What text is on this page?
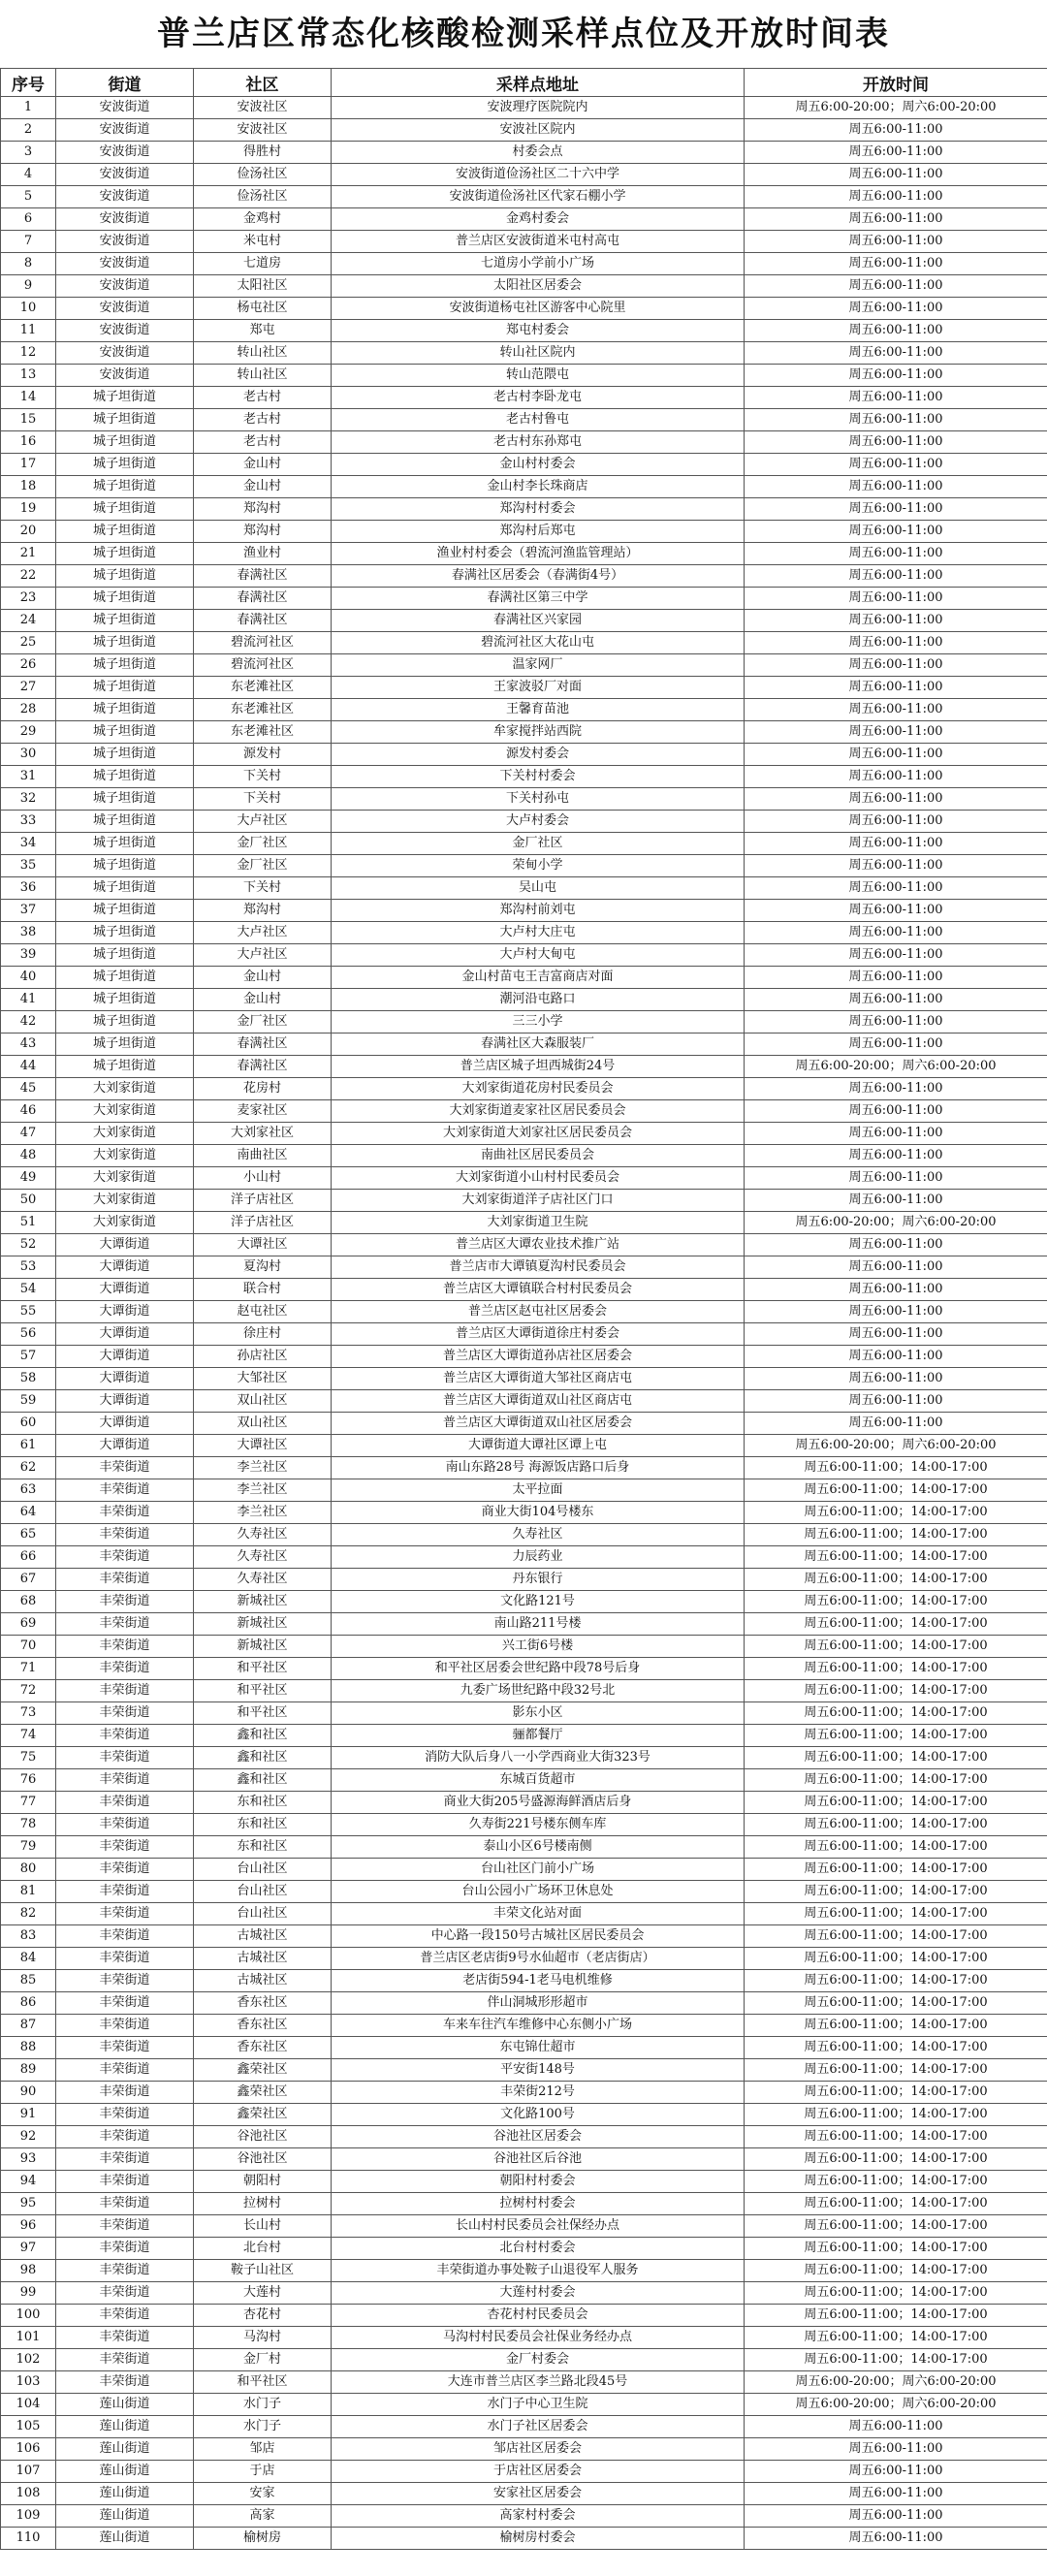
普兰店区常态化核酸检测采样点位及开放时间表
序号	街道	社区	采样点地址	开放时间
1	安波街道	安波社区	安波理疗医院院内	周五6:00-20:00；周六6:00-20:00
2	安波街道	安波社区	安波社区院内	周五6:00-11:00
3	安波街道	得胜村	村委会点	周五6:00-11:00
4	安波街道	俭汤社区	安波街道俭汤社区二十六中学	周五6:00-11:00
5	安波街道	俭汤社区	安波街道俭汤社区代家石棚小学	周五6:00-11:00
6	安波街道	金鸡村	金鸡村委会	周五6:00-11:00
7	安波街道	米屯村	普兰店区安波街道米屯村高屯	周五6:00-11:00
8	安波街道	七道房	七道房小学前小广场	周五6:00-11:00
9	安波街道	太阳社区	太阳社区居委会	周五6:00-11:00
10	安波街道	杨屯社区	安波街道杨屯社区游客中心院里	周五6:00-11:00
11	安波街道	郑屯	郑屯村委会	周五6:00-11:00
12	安波街道	转山社区	转山社区院内	周五6:00-11:00
13	安波街道	转山社区	转山范隈屯	周五6:00-11:00
14	城子坦街道	老古村	老古村李卧龙屯	周五6:00-11:00
15	城子坦街道	老古村	老古村鲁屯	周五6:00-11:00
16	城子坦街道	老古村	老古村东孙郑屯	周五6:00-11:00
17	城子坦街道	金山村	金山村村委会	周五6:00-11:00
18	城子坦街道	金山村	金山村李长珠商店	周五6:00-11:00
19	城子坦街道	郑沟村	郑沟村村委会	周五6:00-11:00
20	城子坦街道	郑沟村	郑沟村后郑屯	周五6:00-11:00
21	城子坦街道	渔业村	渔业村村委会（碧流河渔监管理站）	周五6:00-11:00
22	城子坦街道	春满社区	春满社区居委会（春满街4号）	周五6:00-11:00
23	城子坦街道	春满社区	春满社区第三中学	周五6:00-11:00
24	城子坦街道	春满社区	春满社区兴家园	周五6:00-11:00
25	城子坦街道	碧流河社区	碧流河社区大花山屯	周五6:00-11:00
26	城子坦街道	碧流河社区	温家网厂	周五6:00-11:00
27	城子坦街道	东老滩社区	王家波驳厂对面	周五6:00-11:00
28	城子坦街道	东老滩社区	王馨育苗池	周五6:00-11:00
29	城子坦街道	东老滩社区	牟家搅拌站西院	周五6:00-11:00
30	城子坦街道	源发村	源发村委会	周五6:00-11:00
31	城子坦街道	下关村	下关村村委会	周五6:00-11:00
32	城子坦街道	下关村	下关村孙屯	周五6:00-11:00
33	城子坦街道	大卢社区	大卢村委会	周五6:00-11:00
34	城子坦街道	金厂社区	金厂社区	周五6:00-11:00
35	城子坦街道	金厂社区	荣甸小学	周五6:00-11:00
36	城子坦街道	下关村	吴山屯	周五6:00-11:00
37	城子坦街道	郑沟村	郑沟村前刘屯	周五6:00-11:00
38	城子坦街道	大卢社区	大卢村大庄屯	周五6:00-11:00
39	城子坦街道	大卢社区	大卢村大甸屯	周五6:00-11:00
40	城子坦街道	金山村	金山村苗屯王吉富商店对面	周五6:00-11:00
41	城子坦街道	金山村	潮河沿屯路口	周五6:00-11:00
42	城子坦街道	金厂社区	三三小学	周五6:00-11:00
43	城子坦街道	春满社区	春满社区大森服装厂	周五6:00-11:00
44	城子坦街道	春满社区	普兰店区城子坦西城街24号	周五6:00-20:00；周六6:00-20:00
45	大刘家街道	花房村	大刘家街道花房村民委员会	周五6:00-11:00
46	大刘家街道	麦家社区	大刘家街道麦家社区居民委员会	周五6:00-11:00
47	大刘家街道	大刘家社区	大刘家街道大刘家社区居民委员会	周五6:00-11:00
48	大刘家街道	南曲社区	南曲社区居民委员会	周五6:00-11:00
49	大刘家街道	小山村	大刘家街道小山村村民委员会	周五6:00-11:00
50	大刘家街道	洋子店社区	大刘家街道洋子店社区门口	周五6:00-11:00
51	大刘家街道	洋子店社区	大刘家街道卫生院	周五6:00-20:00；周六6:00-20:00
52	大谭街道	大谭社区	普兰店区大谭农业技术推广站	周五6:00-11:00
53	大谭街道	夏沟村	普兰店市大谭镇夏沟村民委员会	周五6:00-11:00
54	大谭街道	联合村	普兰店区大谭镇联合村村民委员会	周五6:00-11:00
55	大谭街道	赵屯社区	普兰店区赵屯社区居委会	周五6:00-11:00
56	大谭街道	徐庄村	普兰店区大谭街道徐庄村委会	周五6:00-11:00
57	大谭街道	孙店社区	普兰店区大谭街道孙店社区居委会	周五6:00-11:00
58	大谭街道	大邹社区	普兰店区大谭街道大邹社区商店屯	周五6:00-11:00
59	大谭街道	双山社区	普兰店区大谭街道双山社区商店屯	周五6:00-11:00
60	大谭街道	双山社区	普兰店区大谭街道双山社区居委会	周五6:00-11:00
61	大谭街道	大谭社区	大谭街道大谭社区谭上屯	周五6:00-20:00；周六6:00-20:00
62	丰荣街道	李兰社区	南山东路28号 海源饭店路口后身	周五6:00-11:00；14:00-17:00
63	丰荣街道	李兰社区	太平拉面	周五6:00-11:00；14:00-17:00
64	丰荣街道	李兰社区	商业大街104号楼东	周五6:00-11:00；14:00-17:00
65	丰荣街道	久寿社区	久寿社区	周五6:00-11:00；14:00-17:00
66	丰荣街道	久寿社区	力辰药业	周五6:00-11:00；14:00-17:00
67	丰荣街道	久寿社区	丹东银行	周五6:00-11:00；14:00-17:00
68	丰荣街道	新城社区	文化路121号	周五6:00-11:00；14:00-17:00
69	丰荣街道	新城社区	南山路211号楼	周五6:00-11:00；14:00-17:00
70	丰荣街道	新城社区	兴工街6号楼	周五6:00-11:00；14:00-17:00
71	丰荣街道	和平社区	和平社区居委会世纪路中段78号后身	周五6:00-11:00；14:00-17:00
72	丰荣街道	和平社区	九委广场世纪路中段32号北	周五6:00-11:00；14:00-17:00
73	丰荣街道	和平社区	影东小区	周五6:00-11:00；14:00-17:00
74	丰荣街道	鑫和社区	骊都餐厅	周五6:00-11:00；14:00-17:00
75	丰荣街道	鑫和社区	消防大队后身八一小学西商业大街323号	周五6:00-11:00；14:00-17:00
76	丰荣街道	鑫和社区	东城百货超市	周五6:00-11:00；14:00-17:00
77	丰荣街道	东和社区	商业大街205号盛源海鲜酒店后身	周五6:00-11:00；14:00-17:00
78	丰荣街道	东和社区	久寿街221号楼东侧车库	周五6:00-11:00；14:00-17:00
79	丰荣街道	东和社区	泰山小区6号楼南侧	周五6:00-11:00；14:00-17:00
80	丰荣街道	台山社区	台山社区门前小广场	周五6:00-11:00；14:00-17:00
81	丰荣街道	台山社区	台山公园小广场环卫休息处	周五6:00-11:00；14:00-17:00
82	丰荣街道	台山社区	丰荣文化站对面	周五6:00-11:00；14:00-17:00
83	丰荣街道	古城社区	中心路一段150号古城社区居民委员会	周五6:00-11:00；14:00-17:00
84	丰荣街道	古城社区	普兰店区老店街9号水仙超市（老店街店）	周五6:00-11:00；14:00-17:00
85	丰荣街道	古城社区	老店街594-1老马电机维修	周五6:00-11:00；14:00-17:00
86	丰荣街道	香东社区	伴山洞城形形超市	周五6:00-11:00；14:00-17:00
87	丰荣街道	香东社区	车来车往汽车维修中心东侧小广场	周五6:00-11:00；14:00-17:00
88	丰荣街道	香东社区	东屯锦仕超市	周五6:00-11:00；14:00-17:00
89	丰荣街道	鑫荣社区	平安街148号	周五6:00-11:00；14:00-17:00
90	丰荣街道	鑫荣社区	丰荣街212号	周五6:00-11:00；14:00-17:00
91	丰荣街道	鑫荣社区	文化路100号	周五6:00-11:00；14:00-17:00
92	丰荣街道	谷池社区	谷池社区居委会	周五6:00-11:00；14:00-17:00
93	丰荣街道	谷池社区	谷池社区后谷池	周五6:00-11:00；14:00-17:00
94	丰荣街道	朝阳村	朝阳村村委会	周五6:00-11:00；14:00-17:00
95	丰荣街道	拉树村	拉树村村委会	周五6:00-11:00；14:00-17:00
96	丰荣街道	长山村	长山村村民委员会社保经办点	周五6:00-11:00；14:00-17:00
97	丰荣街道	北台村	北台村村委会	周五6:00-11:00；14:00-17:00
98	丰荣街道	鞍子山社区	丰荣街道办事处鞍子山退役军人服务	周五6:00-11:00；14:00-17:00
99	丰荣街道	大莲村	大莲村村委会	周五6:00-11:00；14:00-17:00
100	丰荣街道	杏花村	杏花村村民委员会	周五6:00-11:00；14:00-17:00
101	丰荣街道	马沟村	马沟村村民委员会社保业务经办点	周五6:00-11:00；14:00-17:00
102	丰荣街道	金厂村	金厂村委会	周五6:00-11:00；14:00-17:00
103	丰荣街道	和平社区	大连市普兰店区李兰路北段45号	周五6:00-20:00；周六6:00-20:00
104	莲山街道	水门子	水门子中心卫生院	周五6:00-20:00；周六6:00-20:00
105	莲山街道	水门子	水门子社区居委会	周五6:00-11:00
106	莲山街道	邹店	邹店社区居委会	周五6:00-11:00
107	莲山街道	于店	于店社区居委会	周五6:00-11:00
108	莲山街道	安家	安家社区居委会	周五6:00-11:00
109	莲山街道	高家	高家村村委会	周五6:00-11:00
110	莲山街道	榆树房	榆树房村委会	周五6:00-11:00
